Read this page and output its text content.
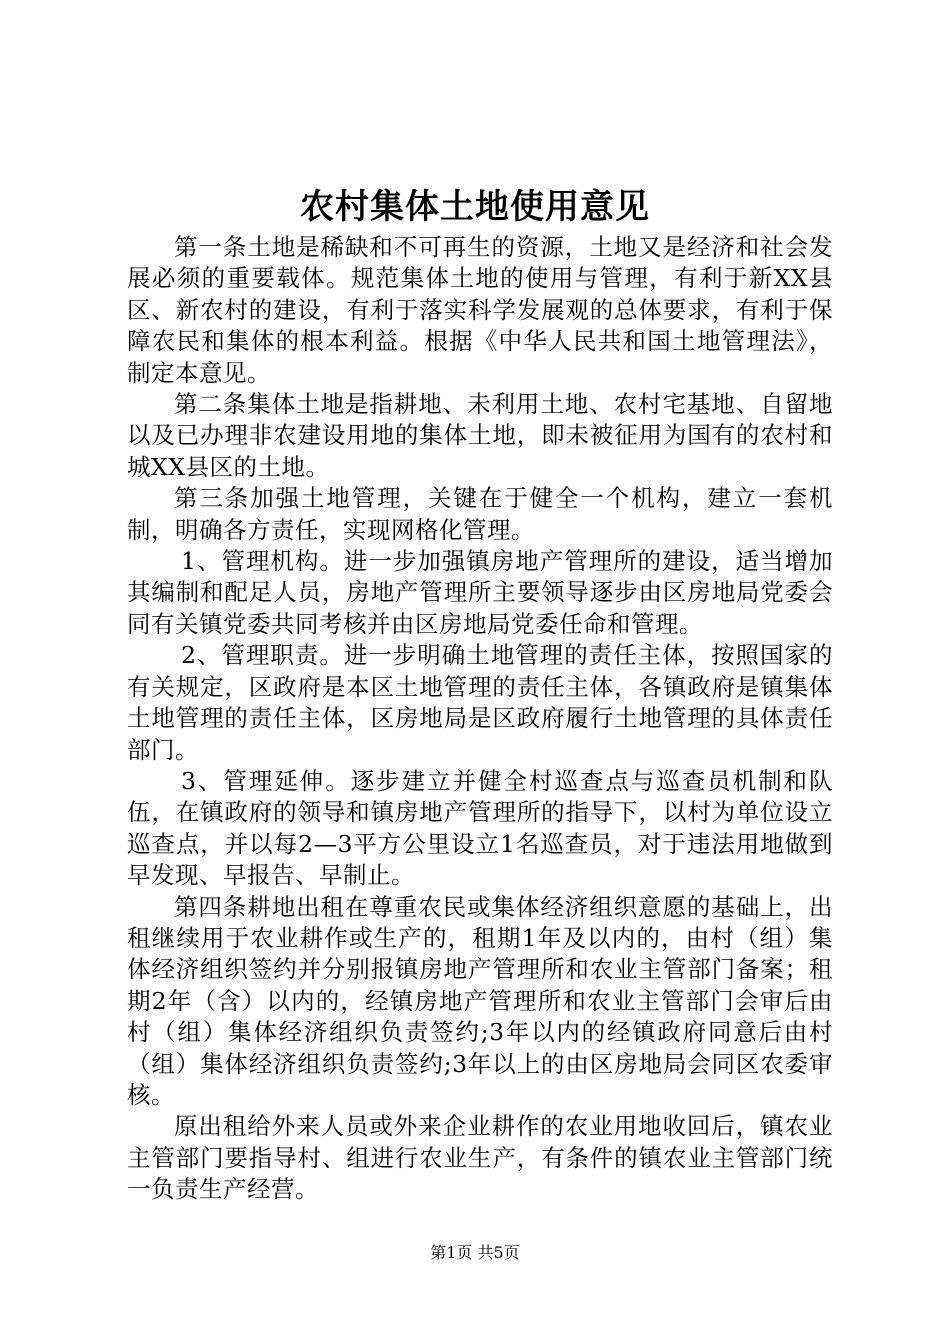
农村集体土地使用意见

第一条土地是稀缺和不可再生的资源，土地又是经济和社会发展必须的重要载体。规范集体土地的使用与管理，有利于新XX县区、新农村的建设，有利于落实科学发展观的总体要求，有利于保障农民和集体的根本利益。根据《中华人民共和国土地管理法》，制定本意见。

第二条集体土地是指耕地、未利用土地、农村宅基地、自留地以及已办理非农建设用地的集体土地，即未被征用为国有的农村和城XX县区的土地。

第三条加强土地管理，关键在于健全一个机构，建立一套机制，明确各方责任，实现网格化管理。

1、管理机构。进一步加强镇房地产管理所的建设，适当增加其编制和配足人员，房地产管理所主要领导逐步由区房地局党委会同有关镇党委共同考核并由区房地局党委任命和管理。

2、管理职责。进一步明确土地管理的责任主体，按照国家的有关规定，区政府是本区土地管理的责任主体，各镇政府是镇集体土地管理的责任主体，区房地局是区政府履行土地管理的具体责任部门。

3、管理延伸。逐步建立并健全村巡查点与巡查员机制和队伍，在镇政府的领导和镇房地产管理所的指导下，以村为单位设立巡查点，并以每2—3平方公里设立1名巡查员，对于违法用地做到早发现、早报告、早制止。

第四条耕地出租在尊重农民或集体经济组织意愿的基础上，出租继续用于农业耕作或生产的，租期1年及以内的，由村（组）集体经济组织签约并分别报镇房地产管理所和农业主管部门备案；租期2年（含）以内的，经镇房地产管理所和农业主管部门会审后由村（组）集体经济组织负责签约;3年以内的经镇政府同意后由村（组）集体经济组织负责签约;3年以上的由区房地局会同区农委审核。

原出租给外来人员或外来企业耕作的农业用地收回后，镇农业主管部门要指导村、组进行农业生产，有条件的镇农业主管部门统一负责生产经营。

第1页 共5页
